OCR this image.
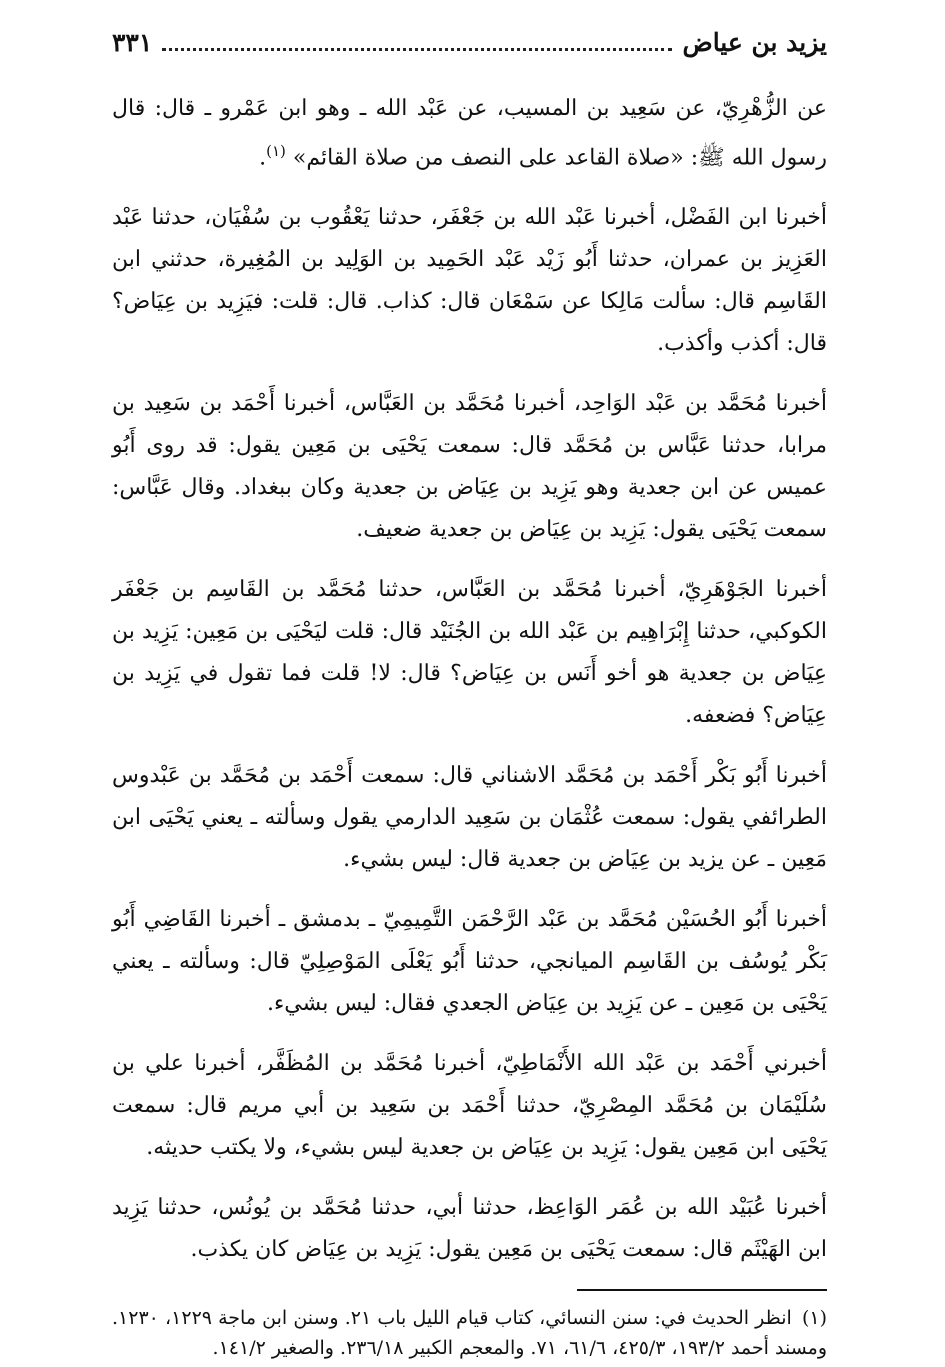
يزيد بن عياض
٣٣١

عن الزُّهْرِيّ، عن سَعِيد بن المسيب، عن عَبْد الله ـ وهو ابن عَمْرو ـ قال: قال رسول الله ﷺ: «صلاة القاعد على النصف من صلاة القائم» $^{(١)}$.

أخبرنا ابن الفَضْل، أخبرنا عَبْد الله بن جَعْفَر، حدثنا يَعْقُوب بن سُفْيَان، حدثنا عَبْد العَزِيز بن عمران، حدثنا أَبُو زَيْد عَبْد الحَمِيد بن الوَلِيد بن المُغِيرة، حدثني ابن القَاسِم قال: سألت مَالِكا عن سَمْعَان قال: كذاب. قال: قلت: فيَزِيد بن عِيَاض؟ قال: أكذب وأكذب.

أخبرنا مُحَمَّد بن عَبْد الوَاحِد، أخبرنا مُحَمَّد بن العَبَّاس، أخبرنا أَحْمَد بن سَعِيد بن مرابا، حدثنا عَبَّاس بن مُحَمَّد قال: سمعت يَحْيَى بن مَعِين يقول: قد روى أَبُو عميس عن ابن جعدية وهو يَزِيد بن عِيَاض بن جعدية وكان ببغداد. وقال عَبَّاس: سمعت يَحْيَى يقول: يَزِيد بن عِيَاض بن جعدية ضعيف.

أخبرنا الجَوْهَرِيّ، أخبرنا مُحَمَّد بن العَبَّاس، حدثنا مُحَمَّد بن القَاسِم بن جَعْفَر الكوكبي، حدثنا إِبْرَاهِيم بن عَبْد الله بن الجُنَيْد قال: قلت ليَحْيَى بن مَعِين: يَزِيد بن عِيَاض بن جعدية هو أخو أَنَس بن عِيَاض؟ قال: لا! قلت فما تقول في يَزِيد بن عِيَاض؟ فضعفه.

أخبرنا أَبُو بَكْر أَحْمَد بن مُحَمَّد الاشناني قال: سمعت أَحْمَد بن مُحَمَّد بن عَبْدوس الطرائفي يقول: سمعت عُثْمَان بن سَعِيد الدارمي يقول وسألته ـ يعني يَحْيَى ابن مَعِين ـ عن يزيد بن عِيَاض بن جعدية قال: ليس بشيء.

أخبرنا أَبُو الحُسَيْن مُحَمَّد بن عَبْد الرَّحْمَن التَّمِيمِيّ ـ بدمشق ـ أخبرنا القَاضِي أَبُو بَكْر يُوسُف بن القَاسِم الميانجي، حدثنا أَبُو يَعْلَى المَوْصِلِيّ قال: وسألته ـ يعني يَحْيَى بن مَعِين ـ عن يَزِيد بن عِيَاض الجعدي فقال: ليس بشيء.

أخبرني أَحْمَد بن عَبْد الله الأَنْمَاطِيّ، أخبرنا مُحَمَّد بن المُظَفَّر، أخبرنا علي بن سُلَيْمَان بن مُحَمَّد المِصْرِيّ، حدثنا أَحْمَد بن سَعِيد بن أبي مريم قال: سمعت يَحْيَى ابن مَعِين يقول: يَزِيد بن عِيَاض بن جعدية ليس بشيء، ولا يكتب حديثه.

أخبرنا عُبَيْد الله بن عُمَر الوَاعِظ، حدثنا أبي، حدثنا مُحَمَّد بن يُونُس، حدثنا يَزِيد ابن الهَيْثَم قال: سمعت يَحْيَى بن مَعِين يقول: يَزِيد بن عِيَاض كان يكذب.

(١) انظر الحديث في: سنن النسائي، كتاب قيام الليل باب ٢١. وسنن ابن ماجة ١٢٢٩، ١٢٣٠. ومسند أحمد ١٩٣/٢، ٤٢٥/٣، ٦١/٦، ٧١. والمعجم الكبير ٢٣٦/١٨. والصغير ١٤١/٢.
